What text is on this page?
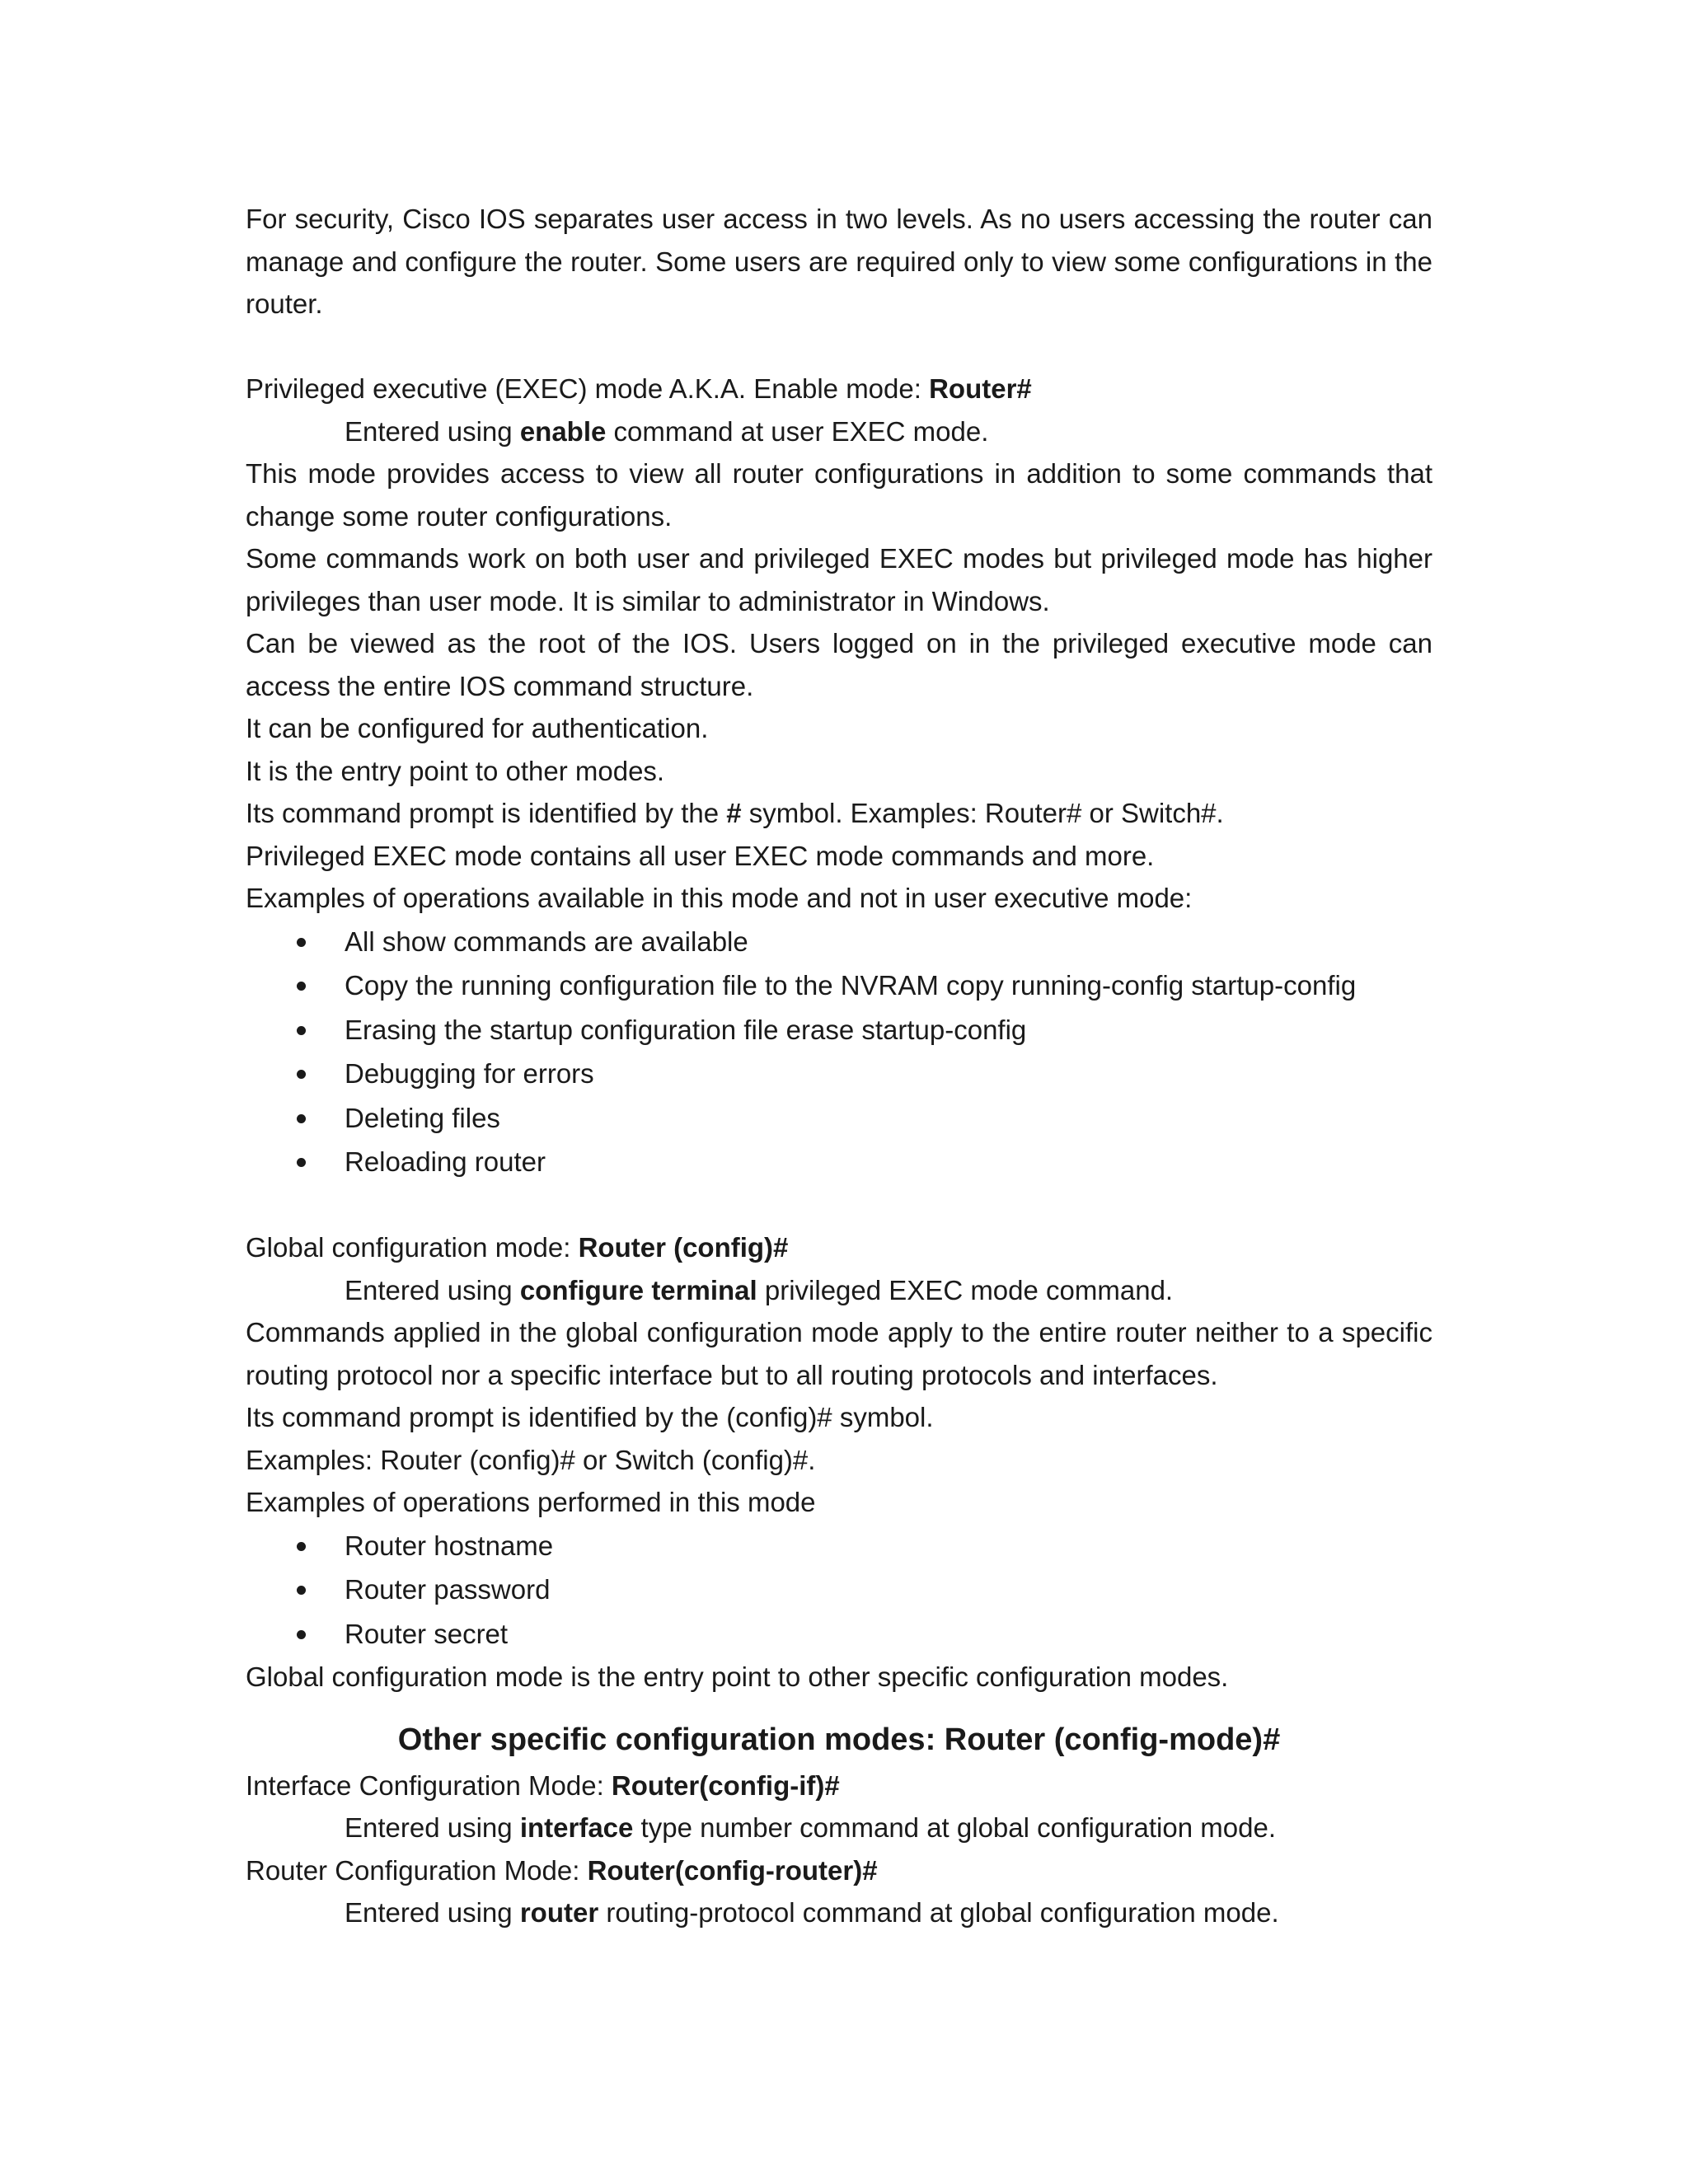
For security, Cisco IOS separates user access in two levels. As no users accessing the router can manage and configure the router. Some users are required only to view some configurations in the router.

Privileged executive (EXEC) mode A.K.A. Enable mode: Router#

Entered using enable command at user EXEC mode.

This mode provides access to view all router configurations in addition to some commands that change some router configurations.

Some commands work on both user and privileged EXEC modes but privileged mode has higher privileges than user mode. It is similar to administrator in Windows.

Can be viewed as the root of the IOS. Users logged on in the privileged executive mode can access the entire IOS command structure.

It can be configured for authentication.

It is the entry point to other modes.

Its command prompt is identified by the # symbol. Examples: Router# or Switch#.

Privileged EXEC mode contains all user EXEC mode commands and more.

Examples of operations available in this mode and not in user executive mode:

All show commands are available
Copy the running configuration file to the NVRAM copy running-config startup-config
Erasing the startup configuration file erase startup-config
Debugging for errors
Deleting files
Reloading router

Global configuration mode: Router (config)#

Entered using configure terminal privileged EXEC mode command.

Commands applied in the global configuration mode apply to the entire router neither to a specific routing protocol nor a specific interface but to all routing protocols and interfaces.

Its command prompt is identified by the (config)# symbol.

Examples: Router (config)# or Switch (config)#.

Examples of operations performed in this mode

Router hostname
Router password
Router secret

Global configuration mode is the entry point to other specific configuration modes.

Other specific configuration modes: Router (config-mode)#

Interface Configuration Mode: Router(config-if)#

Entered using interface type number command at global configuration mode.

Router Configuration Mode: Router(config-router)#

Entered using router routing-protocol command at global configuration mode.
